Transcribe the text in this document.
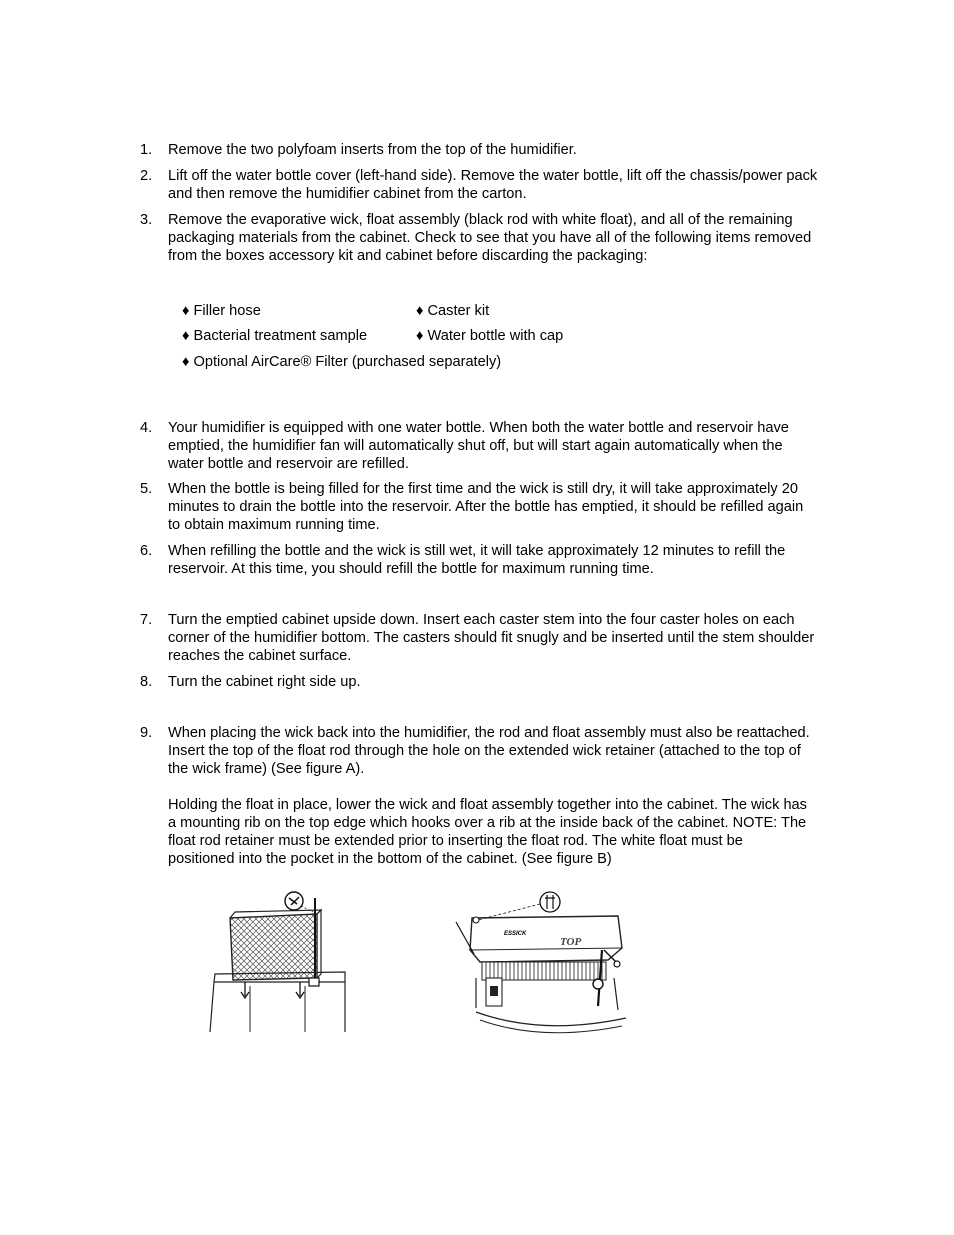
1.	Remove the two polyfoam inserts from the top of the humidifier.
2.	Lift off the water bottle cover (left-hand side). Remove the water bottle, lift off the chassis/power pack and then remove the humidifier cabinet from the carton.
3.	Remove the evaporative wick, float assembly (black rod with white float), and all of the remaining packaging materials from the cabinet. Check to see that you have all of the following items removed from the boxes accessory kit and cabinet before discarding the packaging:
♦ Filler hose	♦ Caster kit
♦ Bacterial treatment sample	♦ Water bottle with cap
♦ Optional AirCare® Filter (purchased separately)
4.	Your humidifier is equipped with one water bottle. When both the water bottle and reservoir have emptied, the humidifier fan will automatically shut off, but will start again automatically when the water bottle and reservoir are refilled.
5.	When the bottle is being filled for the first time and the wick is still dry, it will take approximately 20 minutes to drain the bottle into the reservoir. After the bottle has emptied, it should be refilled again to obtain maximum running time.
6.	When refilling the bottle and the wick is still wet, it will take approximately 12 minutes to refill the reservoir. At this time, you should refill the bottle for maximum running time.
7.	Turn the emptied cabinet upside down. Insert each caster stem into the four caster holes on each corner of the humidifier bottom. The casters should fit snugly and be inserted until the stem shoulder reaches the cabinet surface.
8.	Turn the cabinet right side up.
9.	When placing the wick back into the humidifier, the rod and float assembly must also be reattached. Insert the top of the float rod through the hole on the extended wick retainer (attached to the top of the wick frame) (See figure A).
Holding the float in place, lower the wick and float assembly together into the cabinet. The wick has a mounting rib on the top edge which hooks over a rib at the inside back of the cabinet. NOTE: The float rod retainer must be extended prior to inserting the float rod. The white float must be positioned into the pocket in the bottom of the cabinet. (See figure B)
ESSICK
TOP
